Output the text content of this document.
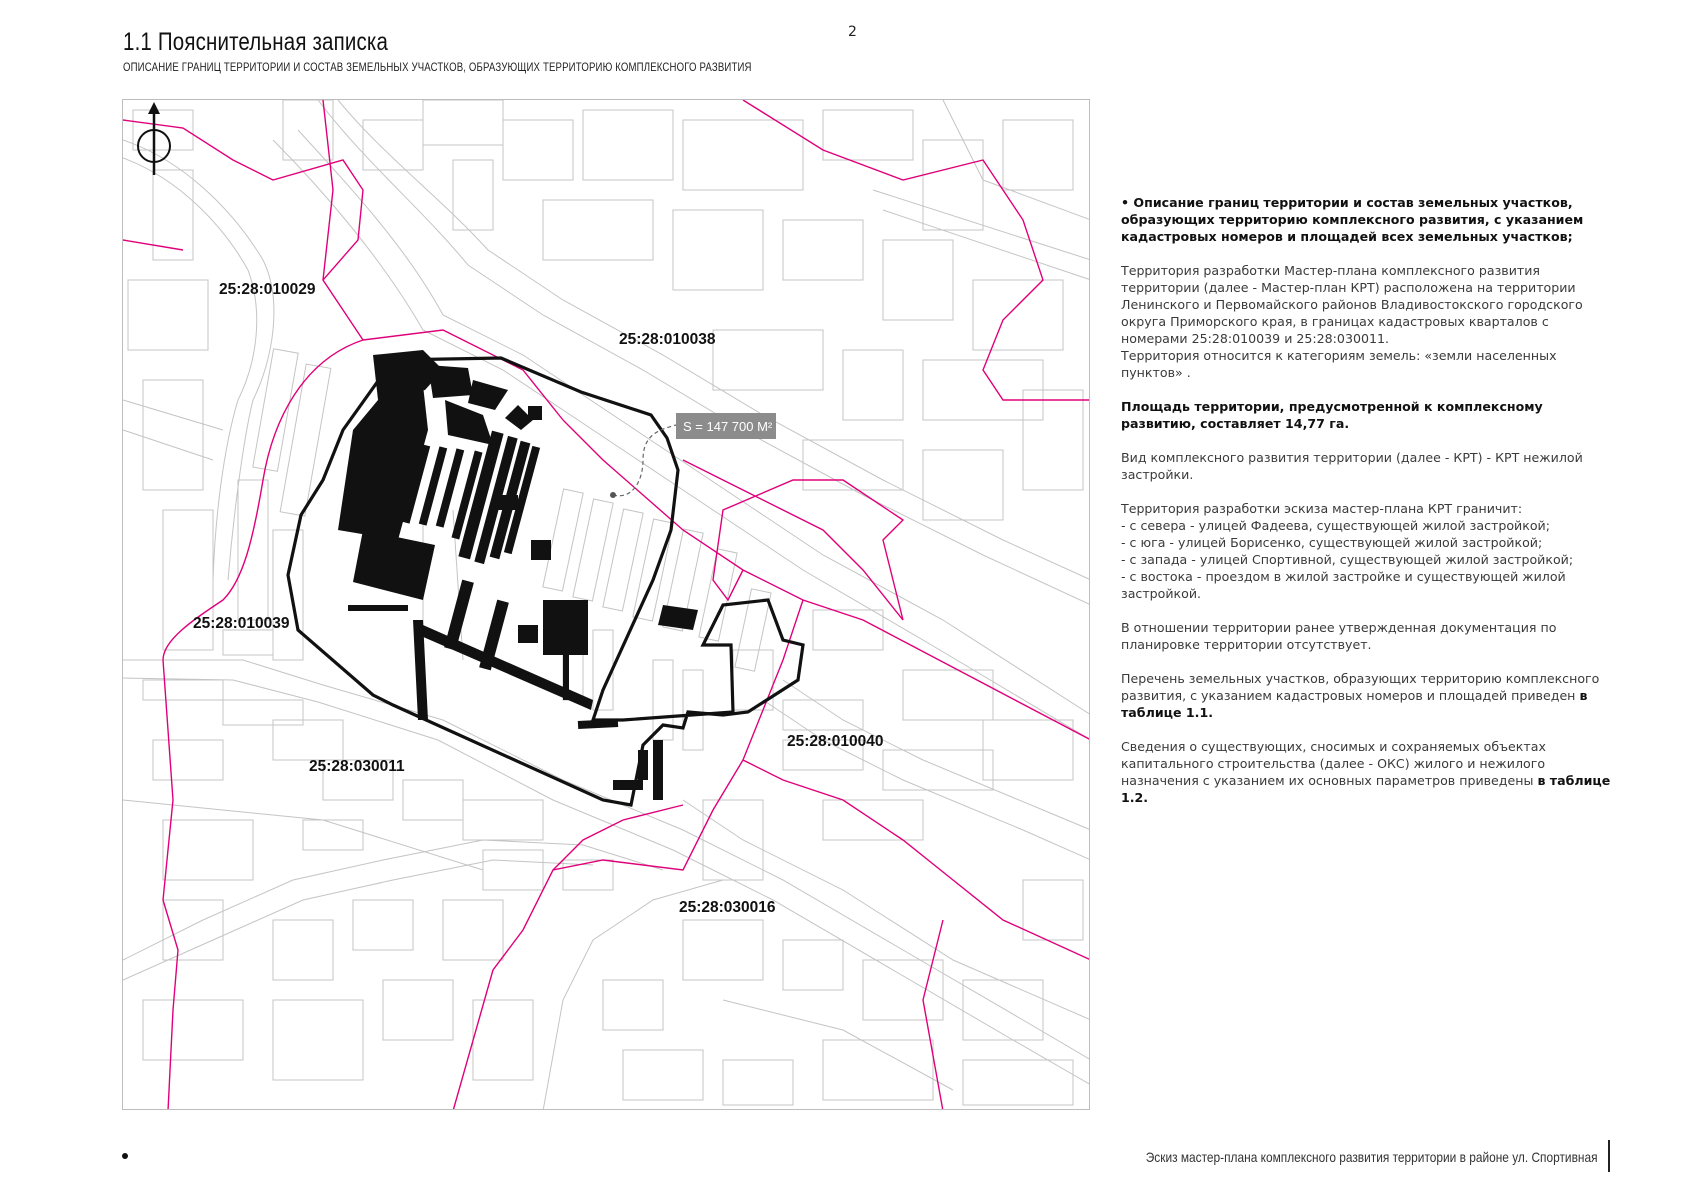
2
1.1 Пояснительная записка
ОПИСАНИЕ ГРАНИЦ ТЕРРИТОРИИ И СОСТАВ ЗЕМЕЛЬНЫХ УЧАСТКОВ, ОБРАЗУЮЩИХ ТЕРРИТОРИЮ КОМПЛЕКСНОГО РАЗВИТИЯ
S = 147 700 М²
25:28:010029
25:28:010038
25:28:010039
25:28:030011
25:28:010040
25:28:030016

• Описание границ территории и состав земельных участков, образующих территорию комплексного развития, с указанием кадастровых номеров и площадей всех земельных участков;

Территория разработки Мастер-плана комплексного развития территории (далее - Мастер-план КРТ) расположена на территории Ленинского и Первомайского районов Владивостокского городского округа Приморского края, в границах кадастровых кварталов с номерами 25:28:010039 и 25:28:030011.
Территория относится к категориям земель: «земли населенных пунктов» .

Площадь территории, предусмотренной к комплексному развитию, составляет 14,77 га.

Вид комплексного развития территории (далее - КРТ) - КРТ нежилой застройки.

Территория разработки эскиза мастер-плана КРТ граничит:
- с севера - улицей Фадеева, существующей жилой застройкой;
- с юга - улицей Борисенко, существующей жилой застройкой;
- с запада - улицей Спортивной, существующей жилой застройкой;
- с востока - проездом в жилой застройке и существующей жилой застройкой.

В отношении территории ранее утвержденная документация по планировке территории отсутствует.

Перечень земельных участков, образующих территорию комплексного развития, с указанием кадастровых номеров и площадей приведен в таблице 1.1.

Сведения о существующих, сносимых и сохраняемых объектах капитального строительства (далее - ОКС) жилого и нежилого назначения с указанием их основных параметров приведены в таблице 1.2.

Эскиз мастер-плана комплексного развития территории в районе ул. Спортивная
